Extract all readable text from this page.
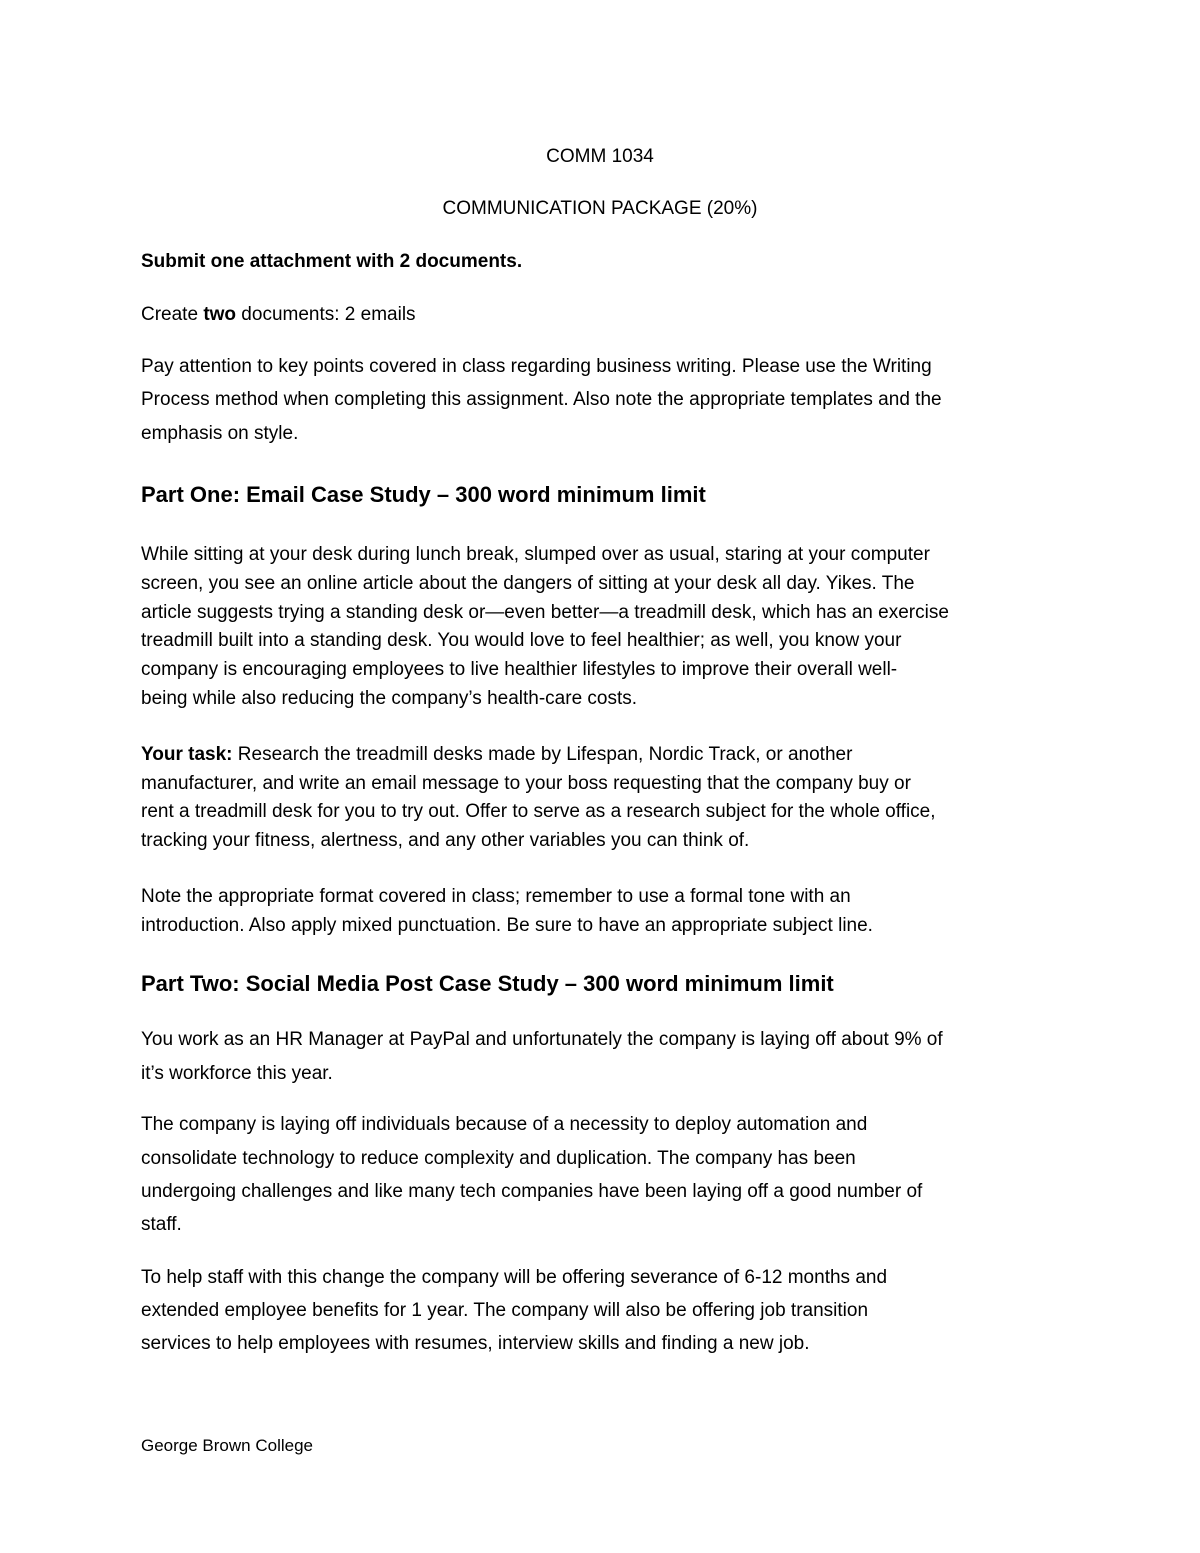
COMM 1034
COMMUNICATION PACKAGE (20%)
Submit one attachment with 2 documents.
Create two documents: 2 emails
Pay attention to key points covered in class regarding business writing. Please use the Writing
Process method when completing this assignment. Also note the appropriate templates and the
emphasis on style.
Part One: Email Case Study – 300 word minimum limit
While sitting at your desk during lunch break, slumped over as usual, staring at your computer
screen, you see an online article about the dangers of sitting at your desk all day. Yikes. The
article suggests trying a standing desk or—even better—a treadmill desk, which has an exercise
treadmill built into a standing desk. You would love to feel healthier; as well, you know your
company is encouraging employees to live healthier lifestyles to improve their overall well-
being while also reducing the company’s health-care costs.
Your task: Research the treadmill desks made by Lifespan, Nordic Track, or another
manufacturer, and write an email message to your boss requesting that the company buy or
rent a treadmill desk for you to try out. Offer to serve as a research subject for the whole office,
tracking your fitness, alertness, and any other variables you can think of.
Note the appropriate format covered in class; remember to use a formal tone with an
introduction. Also apply mixed punctuation. Be sure to have an appropriate subject line.
Part Two: Social Media Post Case Study – 300 word minimum limit
You work as an HR Manager at PayPal and unfortunately the company is laying off about 9% of
it’s workforce this year.
The company is laying off individuals because of a necessity to deploy automation and
consolidate technology to reduce complexity and duplication. The company has been
undergoing challenges and like many tech companies have been laying off a good number of
staff.
To help staff with this change the company will be offering severance of 6-12 months and
extended employee benefits for 1 year. The company will also be offering job transition
services to help employees with resumes, interview skills and finding a new job.
George Brown College
